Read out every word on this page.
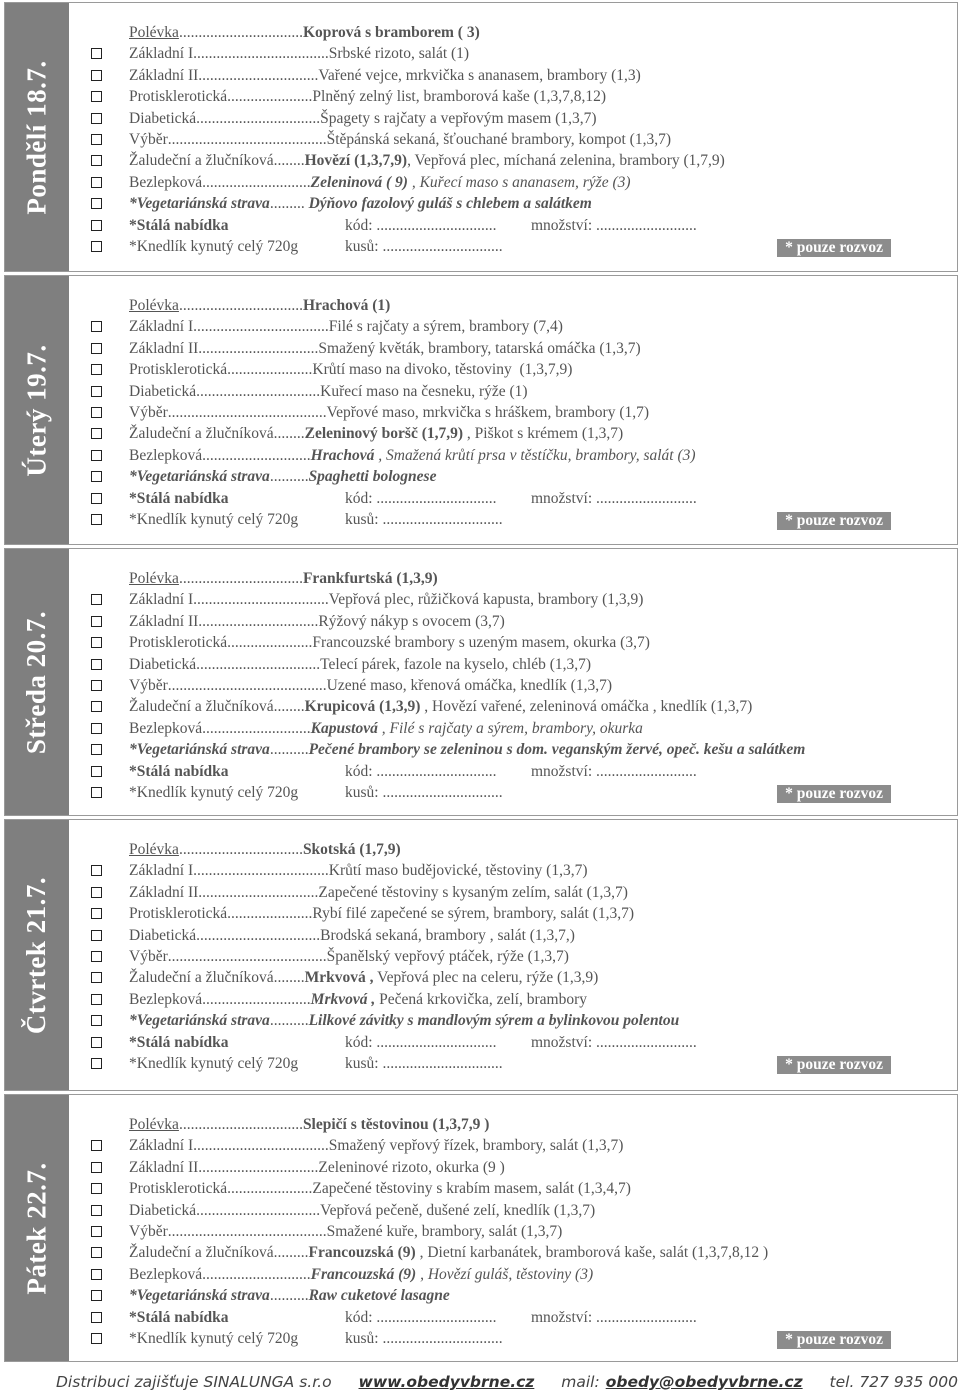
Pondělí 18.7.
Polévka ................................ Koprová s bramborem ( 3)
Základní I. .................................. Srbské rizoto, salát (1)
Základní II. .............................. Vařené vejce, mrkvička s ananasem, brambory (1,3)
Protisklerotická ...................... Plněný zelný list, bramborová kaše (1,3,7,8,12)
Diabetická ................................ Špagety s rajčaty a vepřovým masem (1,3,7)
Výběr ......................................... Štěpánská sekaná, šťouchané brambory, kompot (1,3,7)
Žaludeční a žlučníková ........ Hovězí (1,3,7,9) , Vepřová plec, míchaná zelenina, brambory (1,7,9)
Bezlepková ............................ Zeleninová ( 9) , Kuřecí maso s ananasem, rýže (3)
*Vegetariánská strava ......... Dýňovo fazolový guláš s chlebem a salátkem
*Stálá nabídka	kód: ............................... množství: ..........................
*Knedlík kynutý celý 720g	kusů: ...............................	* pouze rozvoz
Úterý 19.7.
Polévka ................................ Hrachová (1)
Základní I. .................................. Filé s rajčaty a sýrem, brambory (7,4)
Základní II. .............................. Smažený květák, brambory, tatarská omáčka (1,3,7)
Protisklerotická ...................... Krůtí maso na divoko, těstoviny  (1,3,7,9)
Diabetická ................................ Kuřecí maso na česneku, rýže (1)
Výběr ......................................... Vepřové maso, mrkvička s hráškem, brambory (1,7)
Žaludeční a žlučníková ........ Zeleninový boršč (1,7,9) , Piškot s krémem (1,3,7)
Bezlepková ............................ Hrachová , Smažená krůtí prsa v těstíčku, brambory, salát (3)
*Vegetariánská strava .......... Spaghetti bolognese
*Stálá nabídka	kód: ............................... množství: ..........................
*Knedlík kynutý celý 720g	kusů: ...............................	* pouze rozvoz
Středa 20.7.
Polévka ................................ Frankfurtská (1,3,9)
Základní I. .................................. Vepřová plec, růžičková kapusta, brambory (1,3,9)
Základní II. .............................. Rýžový nákyp s ovocem (3,7)
Protisklerotická ...................... Francouzské brambory s uzeným masem, okurka (3,7)
Diabetická ................................ Telecí párek, fazole na kyselo, chléb (1,3,7)
Výběr ......................................... Uzené maso, křenová omáčka, knedlík (1,3,7)
Žaludeční a žlučníková ........ Krupicová (1,3,9) , Hovězí vařené, zeleninová omáčka , knedlík (1,3,7)
Bezlepková ............................ Kapustová , Filé s rajčaty a sýrem, brambory, okurka
*Vegetariánská strava .......... Pečené brambory se zeleninou s dom. veganským žervé, opeč. kešu a salátkem
*Stálá nabídka	kód: ............................... množství: ..........................
*Knedlík kynutý celý 720g	kusů: ...............................	* pouze rozvoz
Čtvrtek 21.7.
Polévka ................................ Skotská (1,7,9)
Základní I. .................................. Krůtí maso budějovické, těstoviny (1,3,7)
Základní II. .............................. Zapečené těstoviny s kysaným zelím, salát (1,3,7)
Protisklerotická ...................... Rybí filé zapečené se sýrem, brambory, salát (1,3,7)
Diabetická ................................ Brodská sekaná, brambory , salát (1,3,7,)
Výběr ......................................... Španělský vepřový ptáček, rýže (1,3,7)
Žaludeční a žlučníková ........ Mrkvová , Vepřová plec na celeru, rýže (1,3,9)
Bezlepková ............................ Mrkvová , Pečená krkovička, zelí, brambory
*Vegetariánská strava .......... Lilkové závitky s mandlovým sýrem a bylinkovou polentou
*Stálá nabídka	kód: ............................... množství: ..........................
*Knedlík kynutý celý 720g	kusů: ...............................	* pouze rozvoz
Pátek 22.7.
Polévka ................................ Slepičí s těstovinou (1,3,7,9 )
Základní I. .................................. Smažený vepřový řízek, brambory, salát (1,3,7)
Základní II. .............................. Zeleninové rizoto, okurka (9 )
Protisklerotická ...................... Zapečené těstoviny s krabím masem, salát (1,3,4,7)
Diabetická ................................ Vepřová pečeně, dušené zelí, knedlík (1,3,7)
Výběr ......................................... Smažené kuře, brambory, salát (1,3,7)
Žaludeční a žlučníková ......... Francouzská (9) , Dietní karbanátek, bramborová kaše, salát (1,3,7,8,12 )
Bezlepková ............................ Francouzská (9) , Hovězí guláš, těstoviny (3)
*Vegetariánská strava .......... Raw cuketové lasagne
*Stálá nabídka	kód: ............................... množství: ..........................
*Knedlík kynutý celý 720g	kusů: ...............................	* pouze rozvoz
Distribuci zajišťuje SINALUNGA s.r.o www.obedyvbrne.cz mail: obedy@obedyvbrne.cz tel. 727 935 000
